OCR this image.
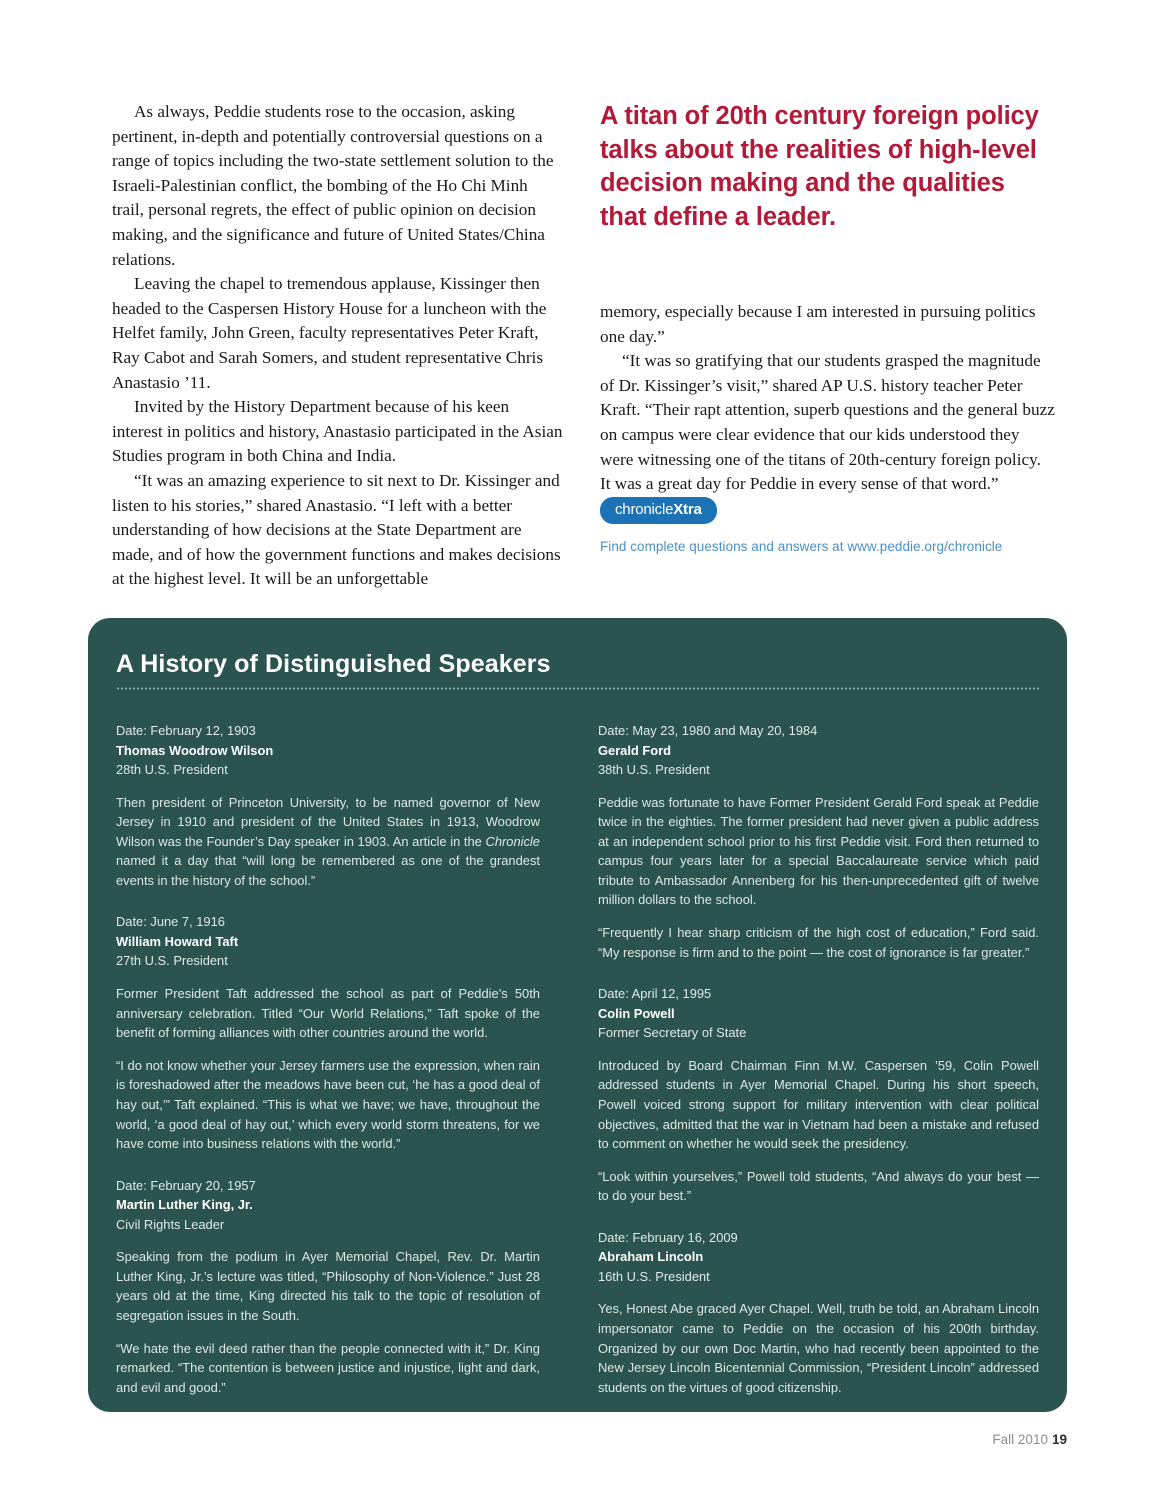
As always, Peddie students rose to the occasion, asking pertinent, in-depth and potentially controversial questions on a range of topics including the two-state settlement solution to the Israeli-Palestinian conflict, the bombing of the Ho Chi Minh trail, personal regrets, the effect of public opinion on decision making, and the significance and future of United States/China relations.

Leaving the chapel to tremendous applause, Kissinger then headed to the Caspersen History House for a luncheon with the Helfet family, John Green, faculty representatives Peter Kraft, Ray Cabot and Sarah Somers, and student representative Chris Anastasio ’11.

Invited by the History Department because of his keen interest in politics and history, Anastasio participated in the Asian Studies program in both China and India.

“It was an amazing experience to sit next to Dr. Kissinger and listen to his stories,” shared Anastasio. “I left with a better understanding of how decisions at the State Department are made, and of how the government functions and makes decisions at the highest level. It will be an unforgettable

A titan of 20th century foreign policy talks about the realities of high-level decision making and the qualities that define a leader.

memory, especially because I am interested in pursuing politics one day.”

“It was so gratifying that our students grasped the magnitude of Dr. Kissinger’s visit,” shared AP U.S. history teacher Peter Kraft. “Their rapt attention, superb questions and the general buzz on campus were clear evidence that our kids understood they were witnessing one of the titans of 20th-century foreign policy. It was a great day for Peddie in every sense of that word.”

chronicleXtra
Find complete questions and answers at www.peddie.org/chronicle
A History of Distinguished Speakers
Date: February 12, 1903
Thomas Woodrow Wilson
28th U.S. President

Then president of Princeton University, to be named governor of New Jersey in 1910 and president of the United States in 1913, Woodrow Wilson was the Founder’s Day speaker in 1903. An article in the Chronicle named it a day that “will long be remembered as one of the grandest events in the history of the school.”

Date: June 7, 1916
William Howard Taft
27th U.S. President

Former President Taft addressed the school as part of Peddie’s 50th anniversary celebration. Titled “Our World Relations,” Taft spoke of the benefit of forming alliances with other countries around the world.

“I do not know whether your Jersey farmers use the expression, when rain is foreshadowed after the meadows have been cut, ‘he has a good deal of hay out,’” Taft explained. “This is what we have; we have, throughout the world, ‘a good deal of hay out,’ which every world storm threatens, for we have come into business relations with the world.”

Date: February 20, 1957
Martin Luther King, Jr.
Civil Rights Leader

Speaking from the podium in Ayer Memorial Chapel, Rev. Dr. Martin Luther King, Jr.’s lecture was titled, “Philosophy of Non-Violence.” Just 28 years old at the time, King directed his talk to the topic of resolution of segregation issues in the South.

“We hate the evil deed rather than the people connected with it,” Dr. King remarked. “The contention is between justice and injustice, light and dark, and evil and good.”

Date: May 23, 1980 and May 20, 1984
Gerald Ford
38th U.S. President

Peddie was fortunate to have Former President Gerald Ford speak at Peddie twice in the eighties. The former president had never given a public address at an independent school prior to his first Peddie visit. Ford then returned to campus four years later for a special Baccalaureate service which paid tribute to Ambassador Annenberg for his then-unprecedented gift of twelve million dollars to the school.

“Frequently I hear sharp criticism of the high cost of education,” Ford said. “My response is firm and to the point — the cost of ignorance is far greater.”

Date: April 12, 1995
Colin Powell
Former Secretary of State

Introduced by Board Chairman Finn M.W. Caspersen ’59, Colin Powell addressed students in Ayer Memorial Chapel. During his short speech, Powell voiced strong support for military intervention with clear political objectives, admitted that the war in Vietnam had been a mistake and refused to comment on whether he would seek the presidency.

“Look within yourselves,” Powell told students, “And always do your best — to do your best.”

Date: February 16, 2009
Abraham Lincoln
16th U.S. President

Yes, Honest Abe graced Ayer Chapel. Well, truth be told, an Abraham Lincoln impersonator came to Peddie on the occasion of his 200th birthday. Organized by our own Doc Martin, who had recently been appointed to the New Jersey Lincoln Bicentennial Commission, “President Lincoln” addressed students on the virtues of good citizenship.

Fall 2010 19
